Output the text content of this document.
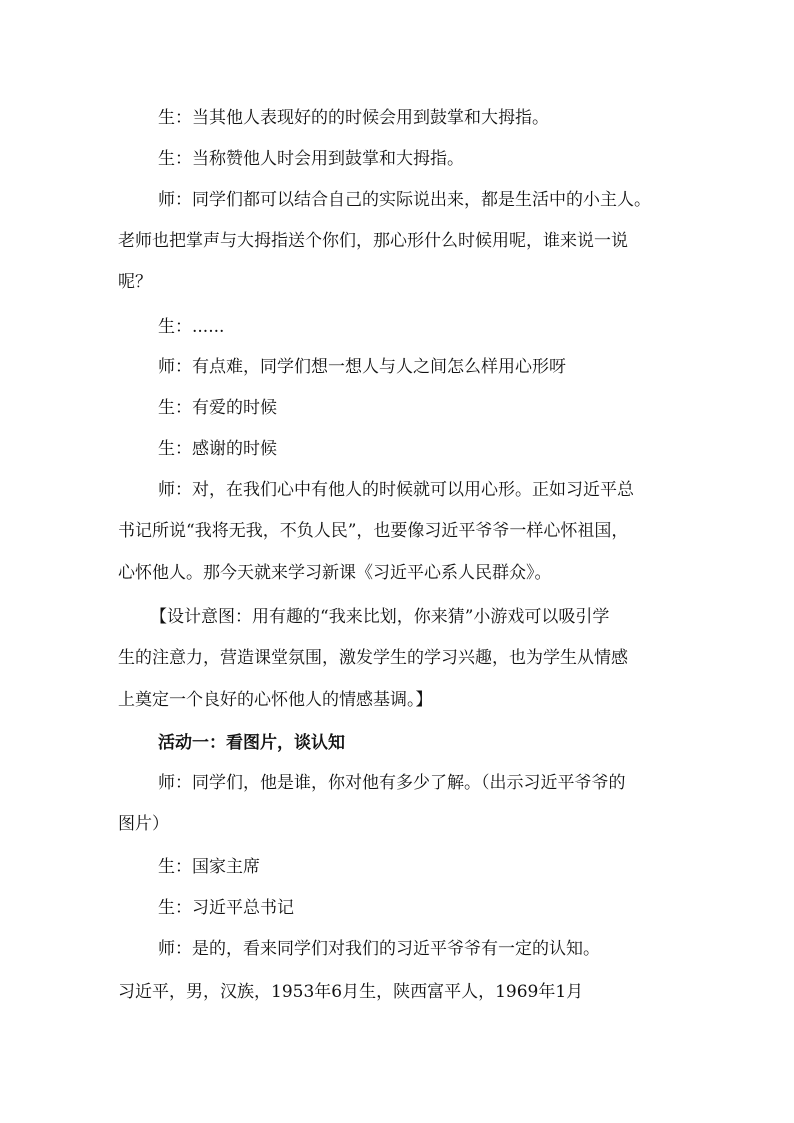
生：当其他人表现好的的时候会用到鼓掌和大拇指。
生：当称赞他人时会用到鼓掌和大拇指。
师：同学们都可以结合自己的实际说出来，都是生活中的小主人。
老师也把掌声与大拇指送个你们，那心形什么时候用呢，谁来说一说
呢？
生：......
师：有点难，同学们想一想人与人之间怎么样用心形呀
生：有爱的时候
生：感谢的时候
师：对，在我们心中有他人的时候就可以用心形。正如习近平总
书记所说“我将无我，不负人民”，也要像习近平爷爷一样心怀祖国，
心怀他人。那今天就来学习新课《习近平心系人民群众》。
【设计意图：用有趣的“我来比划，你来猜”小游戏可以吸引学
生的注意力，营造课堂氛围，激发学生的学习兴趣，也为学生从情感
上奠定一个良好的心怀他人的情感基调。】
活动一：看图片，谈认知
师：同学们，他是谁，你对他有多少了解。（出示习近平爷爷的
图片）
生：国家主席
生：习近平总书记
师：是的，看来同学们对我们的习近平爷爷有一定的认知。
习近平，男，汉族，1953年6月生，陕西富平人，1969年1月
